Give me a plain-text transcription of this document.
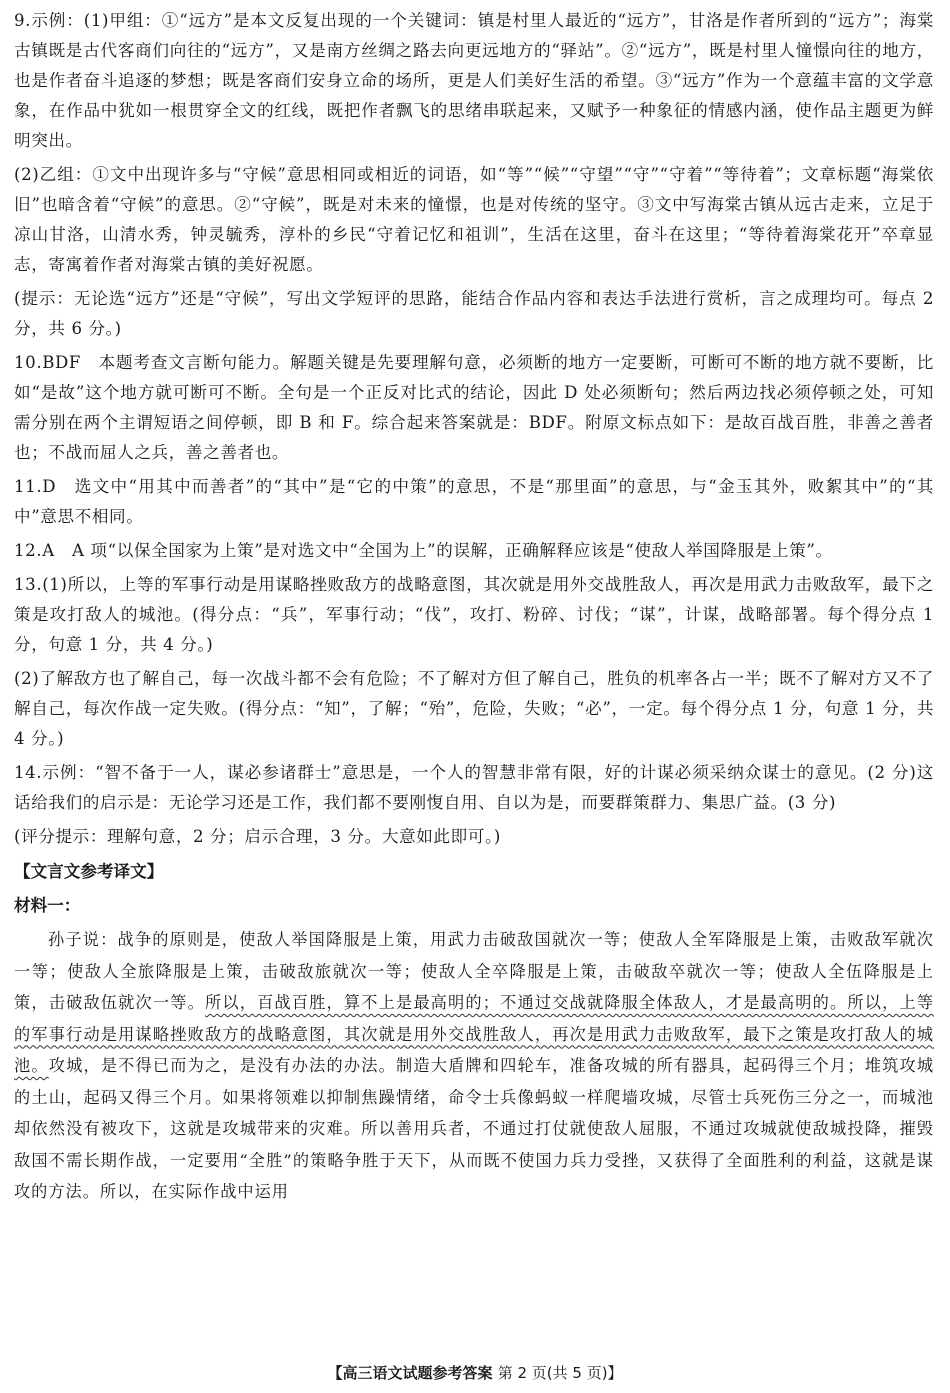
9.示例：(1)甲组：①“远方”是本文反复出现的一个关键词：镇是村里人最近的“远方”，甘洛是作者所到的“远方”；海棠古镇既是古代客商们向往的“远方”，又是南方丝绸之路去向更远地方的“驿站”。②“远方”，既是村里人憧憬向往的地方，也是作者奋斗追逐的梦想；既是客商们安身立命的场所，更是人们美好生活的希望。③“远方”作为一个意蕴丰富的文学意象，在作品中犹如一根贯穿全文的红线，既把作者飘飞的思绪串联起来，又赋予一种象征的情感内涵，使作品主题更为鲜明突出。

(2)乙组：①文中出现许多与“守候”意思相同或相近的词语，如“等”“候”“守望”“守”“守着”“等待着”；文章标题“海棠依旧”也暗含着“守候”的意思。②“守候”，既是对未来的憧憬，也是对传统的坚守。③文中写海棠古镇从远古走来，立足于凉山甘洛，山清水秀，钟灵毓秀，淳朴的乡民“守着记忆和祖训”，生活在这里，奋斗在这里；“等待着海棠花开”卒章显志，寄寓着作者对海棠古镇的美好祝愿。

(提示：无论选“远方”还是“守候”，写出文学短评的思路，能结合作品内容和表达手法进行赏析，言之成理均可。每点 2 分，共 6 分。)

10.BDF　本题考查文言断句能力。解题关键是先要理解句意，必须断的地方一定要断，可断可不断的地方就不要断，比如“是故”这个地方就可断可不断。全句是一个正反对比式的结论，因此 D 处必须断句；然后两边找必须停顿之处，可知需分别在两个主谓短语之间停顿，即 B 和 F。综合起来答案就是：BDF。附原文标点如下：是故百战百胜，非善之善者也；不战而屈人之兵，善之善者也。

11.D　选文中“用其中而善者”的“其中”是“它的中策”的意思，不是“那里面”的意思，与“金玉其外，败絮其中”的“其中”意思不相同。

12.A　A 项“以保全国家为上策”是对选文中“全国为上”的误解，正确解释应该是“使敌人举国降服是上策”。

13.(1)所以，上等的军事行动是用谋略挫败敌方的战略意图，其次就是用外交战胜敌人，再次是用武力击败敌军，最下之策是攻打敌人的城池。(得分点：“兵”，军事行动；“伐”，攻打、粉碎、讨伐；“谋”，计谋，战略部署。每个得分点 1 分，句意 1 分，共 4 分。)

(2)了解敌方也了解自己，每一次战斗都不会有危险；不了解对方但了解自己，胜负的机率各占一半；既不了解对方又不了解自己，每次作战一定失败。(得分点：“知”，了解；“殆”，危险，失败；“必”，一定。每个得分点 1 分，句意 1 分，共 4 分。)

14.示例：“智不备于一人，谋必参诸群士”意思是，一个人的智慧非常有限，好的计谋必须采纳众谋士的意见。(2 分)这话给我们的启示是：无论学习还是工作，我们都不要刚愎自用、自以为是，而要群策群力、集思广益。(3 分)

(评分提示：理解句意，2 分；启示合理，3 分。大意如此即可。)

【文言文参考译文】
材料一：

孙子说：战争的原则是，使敌人举国降服是上策，用武力击破敌国就次一等；使敌人全军降服是上策，击败敌军就次一等；使敌人全旅降服是上策，击破敌旅就次一等；使敌人全卒降服是上策，击破敌卒就次一等；使敌人全伍降服是上策，击破敌伍就次一等。所以，百战百胜，算不上是最高明的；不通过交战就降服全体敌人，才是最高明的。所以，上等的军事行动是用谋略挫败敌方的战略意图，其次就是用外交战胜敌人，再次是用武力击败敌军，最下之策是攻打敌人的城池。攻城，是不得已而为之，是没有办法的办法。制造大盾牌和四轮车，准备攻城的所有器具，起码得三个月；堆筑攻城的土山，起码又得三个月。如果将领难以抑制焦躁情绪，命令士兵像蚂蚁一样爬墙攻城，尽管士兵死伤三分之一，而城池却依然没有被攻下，这就是攻城带来的灾难。所以善用兵者，不通过打仗就使敌人屈服，不通过攻城就使敌城投降，摧毁敌国不需长期作战，一定要用“全胜”的策略争胜于天下，从而既不使国力兵力受挫，又获得了全面胜利的利益，这就是谋攻的方法。所以，在实际作战中运用

【高三语文试题参考答案 第 2 页(共 5 页)】
